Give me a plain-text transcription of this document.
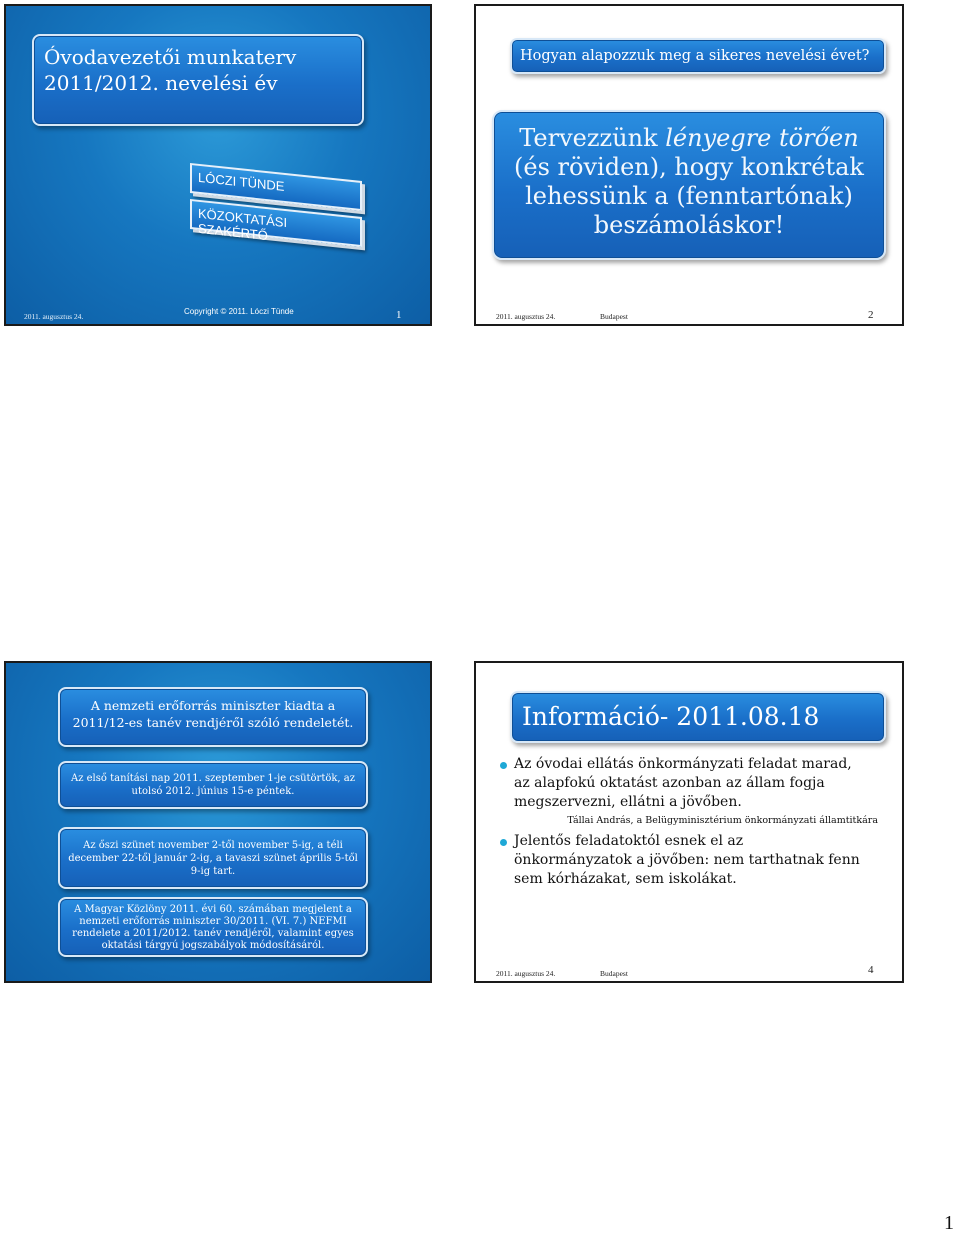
Óvodavezetői munkaterv 2011/2012. nevelési év
LÓCZI TÜNDE
KÖZOKTATÁSI SZAKÉRTŐ
2011. augusztus 24.
Copyright © 2011. Lóczi Tünde	1
Hogyan alapozzuk meg a sikeres nevelési évet?
Tervezzünk lényegre törően
(és röviden), hogy konkrétak
lehessünk a (fenntartónak)
beszámoláskor!
2011. augusztus 24.	Budapest	2
A nemzeti erőforrás miniszter kiadta a 2011/12-es tanév rendjéről szóló rendeletét.
Az első tanítási nap 2011. szeptember 1-je csütörtök, az utolsó 2012. június 15-e péntek.
Az őszi szünet november 2-től november 5-ig, a téli december 22-től január 2-ig, a tavaszi szünet április 5-től 9-ig tart.
A Magyar Közlöny 2011. évi 60. számában megjelent a nemzeti erőforrás miniszter 30/2011. (VI. 7.) NEFMI rendelete a 2011/2012. tanév rendjéről, valamint egyes oktatási tárgyú jogszabályok módosításáról.
Információ- 2011.08.18
Az óvodai ellátás önkormányzati feladat marad, az alapfokú oktatást azonban az állam fogja megszervezni, ellátni a jövőben.
Tállai András, a Belügyminisztérium önkormányzati államtitkára
Jelentős feladatoktól esnek el az önkormányzatok a jövőben: nem tarthatnak fenn sem kórházakat, sem iskolákat.
2011. augusztus 24.	Budapest	4
1
